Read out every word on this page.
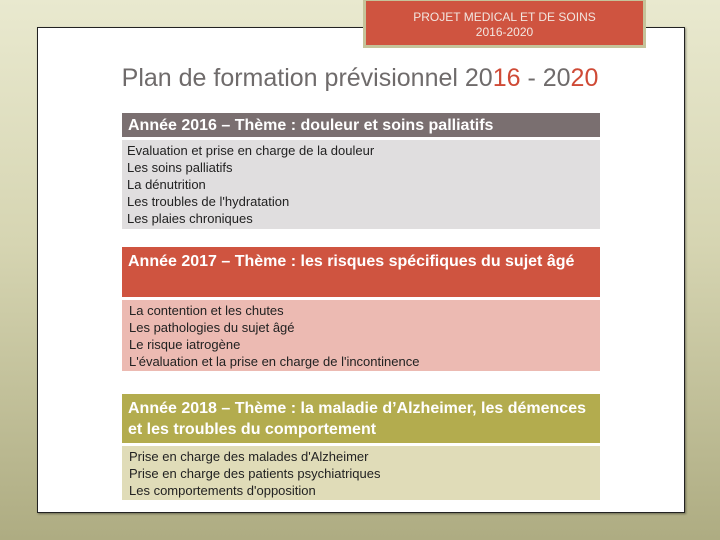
PROJET MEDICAL ET DE SOINS
2016-2020
Plan de formation prévisionnel 2016 - 2020
Année 2016 – Thème : douleur et soins palliatifs
Evaluation et prise en charge de la douleur
Les soins palliatifs
La dénutrition
Les troubles de l'hydratation
Les plaies chroniques
Année 2017 – Thème : les risques spécifiques du sujet âgé
La contention et les chutes
Les pathologies du sujet âgé
Le risque iatrogène
L'évaluation et la prise en charge de l'incontinence
Année 2018 – Thème : la maladie d’Alzheimer, les démences et les troubles du comportement
Prise en charge des malades d'Alzheimer
Prise en charge des patients psychiatriques
Les comportements d'opposition
